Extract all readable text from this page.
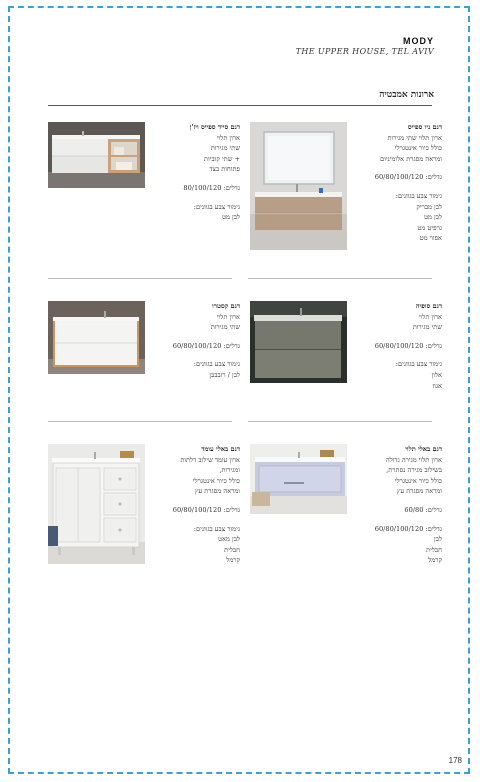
MODY
THE UPPER HOUSE, TEL AVIV
ארונות אמבטיה
דגם ניו ספייס
ארון תלוי שתי מגירות
כולל כיור אינטגרלי
ומראה מסגרת אלומיניום
גדלים: 60/80/100/120
גימור צבע בגוונים:
לבן מבריק
לבן מט
גרפיט מט
אפור מט
דגם סייד ספייס ויז'ן
ארון תלוי
שתי מגירות
+ שתי קוביות
פתוחות בצד
גדלים: 80/100/120
גימור צבע בגוונים:
לבן מט
דגם סופיה
ארון תלוי
שתי מגירות
גדלים: 60/80/100/120
גימור צבע בגוונים:
אלון
אגוז
דגם קסטרו
ארון תלוי
שתי מגירות
גדלים: 60/80/100/120
גימור צבע בגוונים:
לבן / רובבבן
דגם באלי תלוי
ארון תלוי מגירה גדולה
בשילוב מגירה נסתרת,
כולל כיור אינטגרלי
ומראה מסגרת עץ
גדלים: 60/80
גדלים: 60/80/100/120
לבן
חבלית
קרמל
דגם באלי עומד
ארון עומד שילוב דלתות
ומגירות,
כולל כיור אינטגרלי
ומראה מסגרת עץ
גדלים: 60/80/100/120
גימור צבע בגוונים:
לבן מאט
חבלית
קרמל
178
